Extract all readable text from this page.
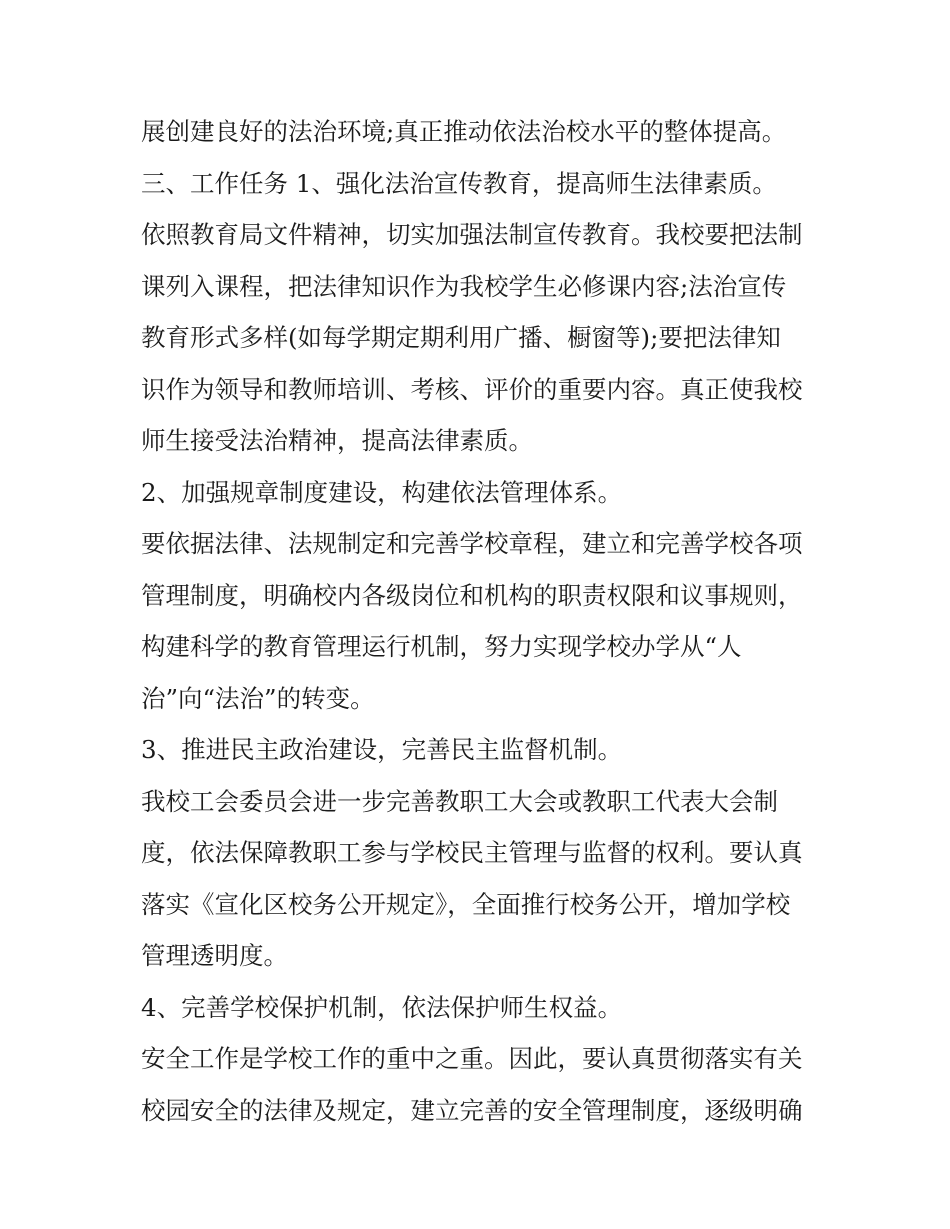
展创建良好的法治环境;真正推动依法治校水平的整体提高。

三、工作任务 1、强化法治宣传教育，提高师生法律素质。

依照教育局文件精神，切实加强法制宣传教育。我校要把法制

课列入课程，把法律知识作为我校学生必修课内容;法治宣传

教育形式多样(如每学期定期利用广播、橱窗等);要把法律知

识作为领导和教师培训、考核、评价的重要内容。真正使我校

师生接受法治精神，提高法律素质。

2、加强规章制度建设，构建依法管理体系。

要依据法律、法规制定和完善学校章程，建立和完善学校各项

管理制度，明确校内各级岗位和机构的职责权限和议事规则，

构建科学的教育管理运行机制，努力实现学校办学从“人

治”向“法治”的转变。

3、推进民主政治建设，完善民主监督机制。

我校工会委员会进一步完善教职工大会或教职工代表大会制

度，依法保障教职工参与学校民主管理与监督的权利。要认真

落实《宣化区校务公开规定》，全面推行校务公开，增加学校

管理透明度。

4、完善学校保护机制，依法保护师生权益。

安全工作是学校工作的重中之重。因此，要认真贯彻落实有关

校园安全的法律及规定，建立完善的安全管理制度，逐级明确
